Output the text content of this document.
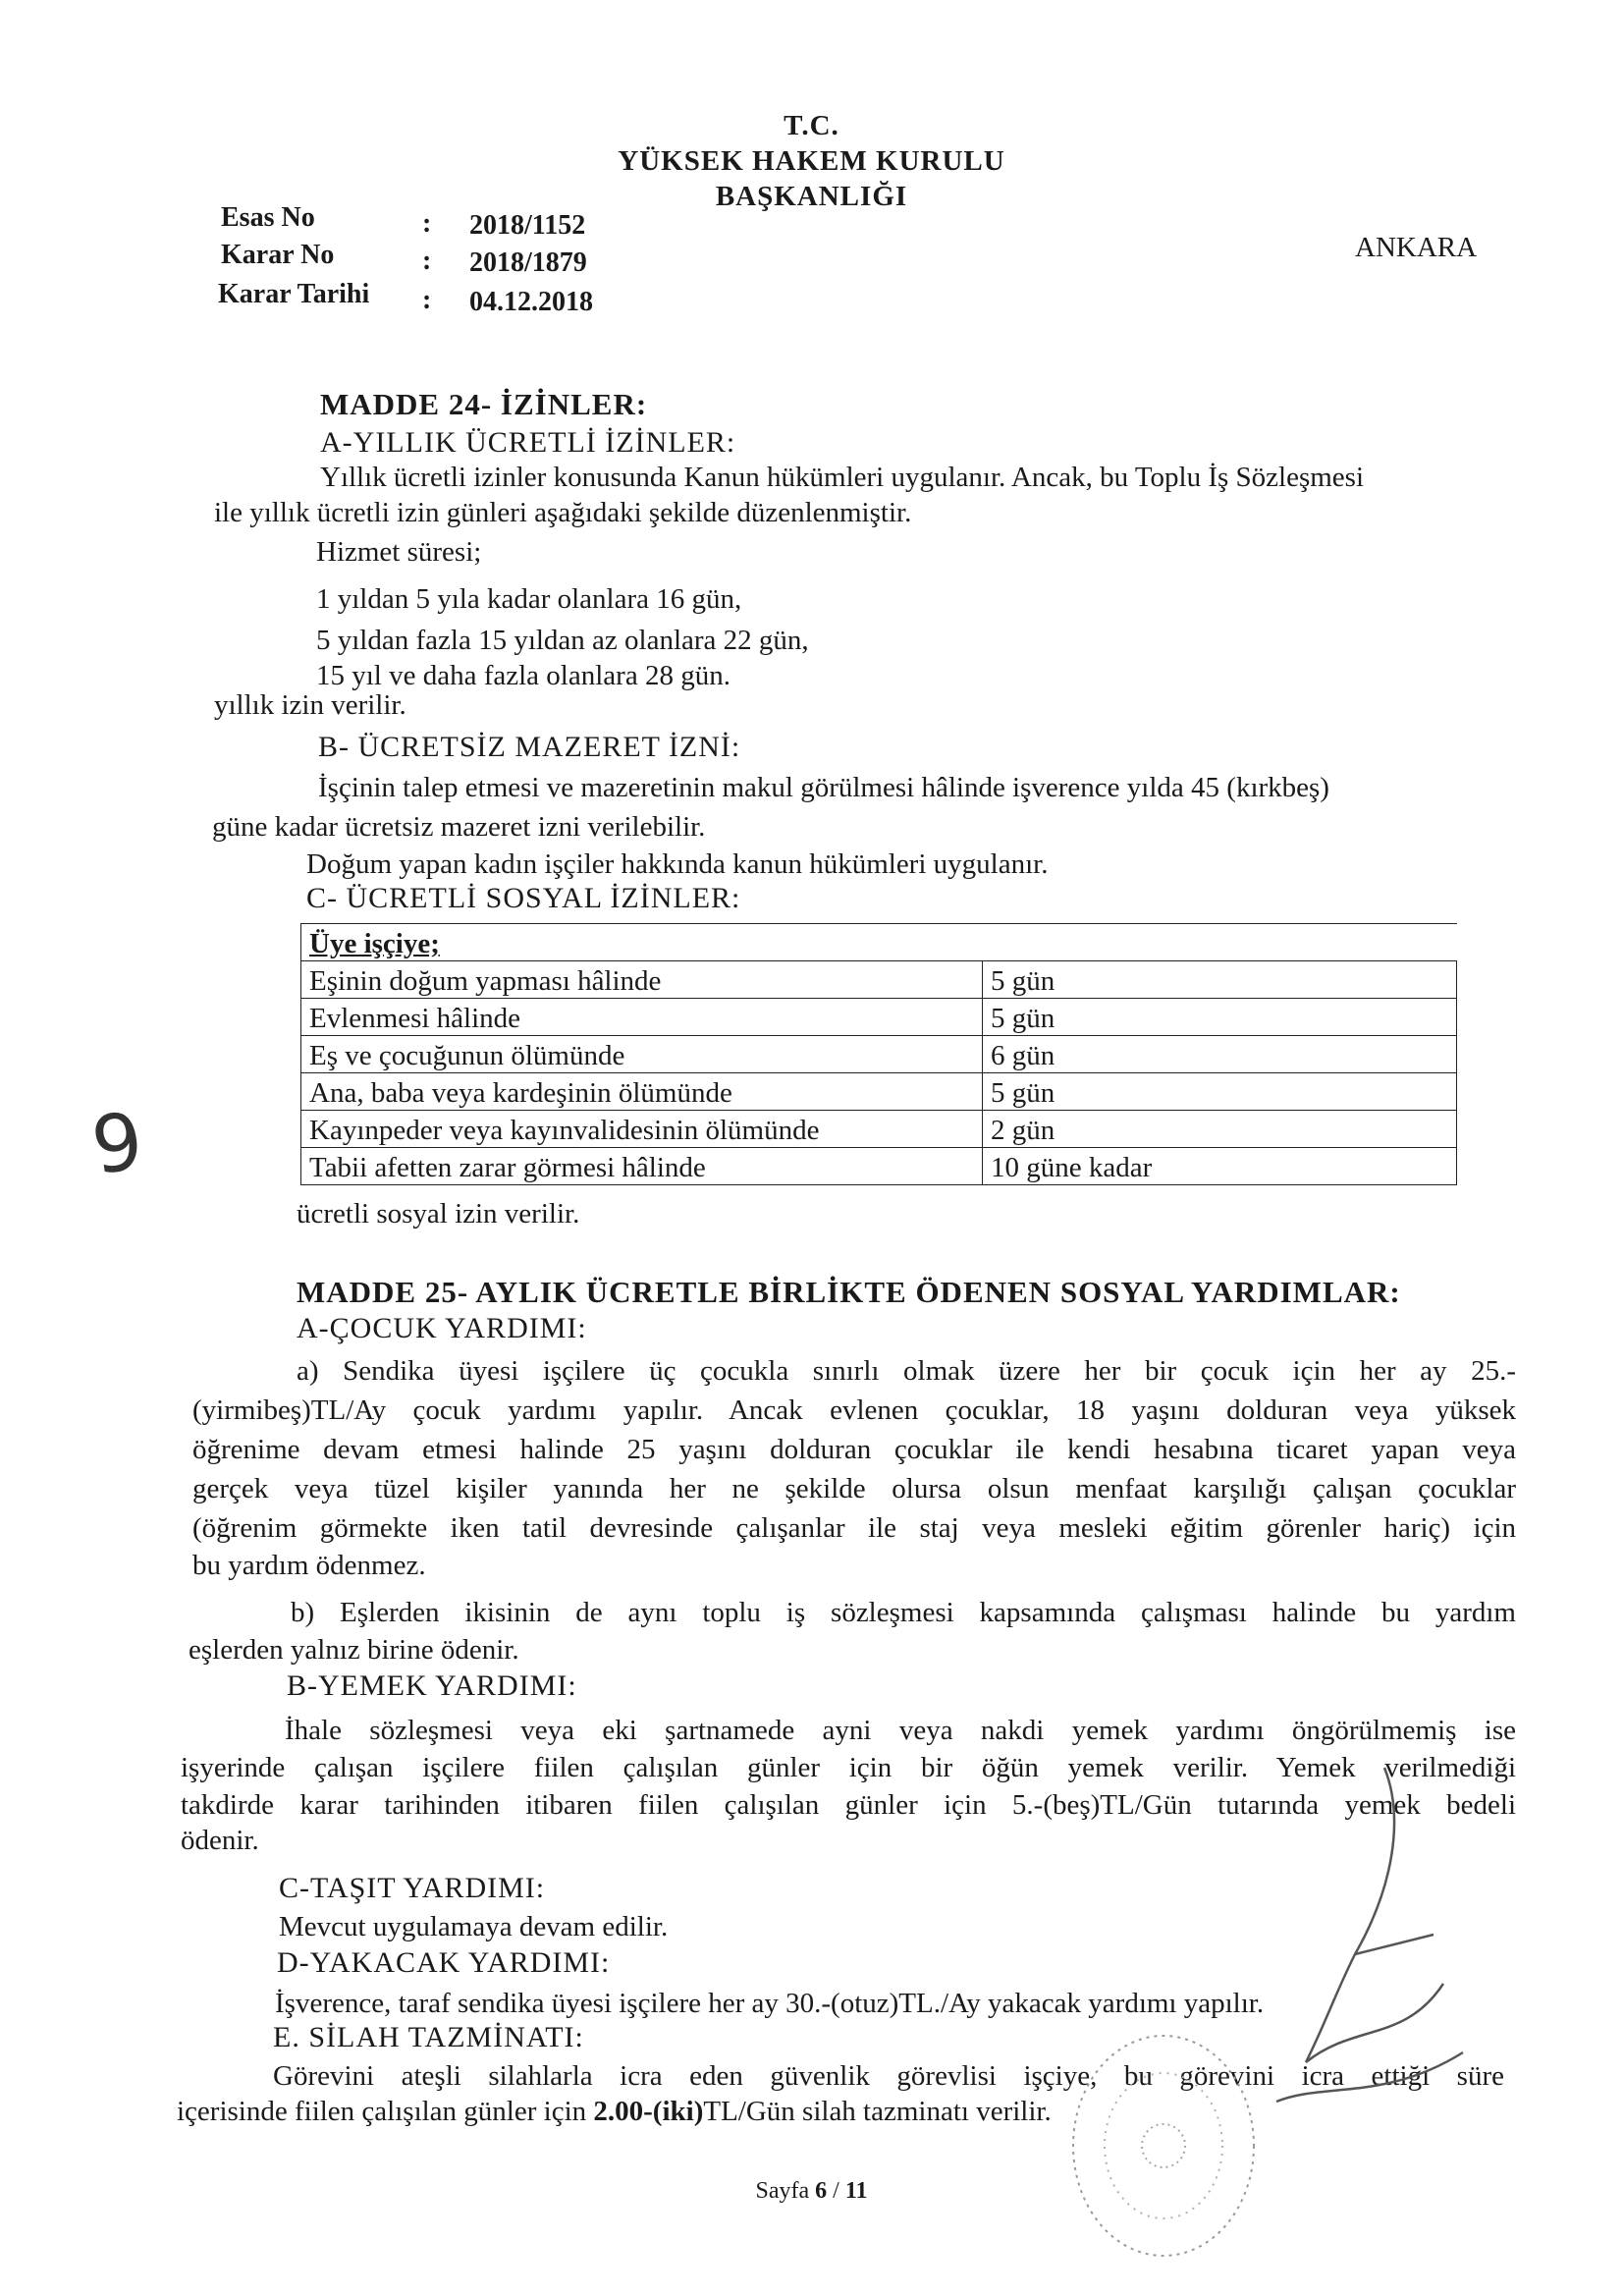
T.C.
YÜKSEK HAKEM KURULU
BAŞKANLIĞI
ANKARA
Esas No	: 2018/1152
Karar No	: 2018/1879
Karar Tarihi : 04.12.2018
MADDE 24- İZİNLER:
A-YILLIK ÜCRETLİ İZİNLER:
Yıllık ücretli izinler konusunda Kanun hükümleri uygulanır. Ancak, bu Toplu İş Sözleşmesi
ile yıllık ücretli izin günleri aşağıdaki şekilde düzenlenmiştir.
Hizmet süresi;
1 yıldan 5 yıla kadar olanlara 16 gün,
5 yıldan fazla 15 yıldan az olanlara 22 gün,
15 yıl ve daha fazla olanlara 28 gün.
yıllık izin verilir.
B- ÜCRETSİZ MAZERET İZNİ:
İşçinin talep etmesi ve mazeretinin makul görülmesi hâlinde işverence yılda 45 (kırkbeş)
güne kadar ücretsiz mazeret izni verilebilir.
Doğum yapan kadın işçiler hakkında kanun hükümleri uygulanır.
C- ÜCRETLİ SOSYAL İZİNLER:
Üye işçiye;	
Eşinin doğum yapması hâlinde	5 gün
Evlenmesi hâlinde	5 gün
Eş ve çocuğunun ölümünde	6 gün
Ana, baba veya kardeşinin ölümünde	5 gün
Kayınpeder veya kayınvalidesinin ölümünde	2 gün
Tabii afetten zarar görmesi hâlinde	10 güne kadar
ücretli sosyal izin verilir.
9
MADDE 25- AYLIK ÜCRETLE BİRLİKTE ÖDENEN SOSYAL YARDIMLAR:
A-ÇOCUK YARDIMI:
a) Sendika üyesi işçilere üç çocukla sınırlı olmak üzere her bir çocuk için her ay 25.-
(yirmibeş)TL/Ay çocuk yardımı yapılır. Ancak evlenen çocuklar, 18 yaşını dolduran veya yüksek
öğrenime devam etmesi halinde 25 yaşını dolduran çocuklar ile kendi hesabına ticaret yapan veya
gerçek veya tüzel kişiler yanında her ne şekilde olursa olsun menfaat karşılığı çalışan çocuklar
(öğrenim görmekte iken tatil devresinde çalışanlar ile staj veya mesleki eğitim görenler hariç) için
bu yardım ödenmez.
b) Eşlerden ikisinin de aynı toplu iş sözleşmesi kapsamında çalışması halinde bu yardım
eşlerden yalnız birine ödenir.
B-YEMEK YARDIMI:
İhale sözleşmesi veya eki şartnamede ayni veya nakdi yemek yardımı öngörülmemiş ise
işyerinde çalışan işçilere fiilen çalışılan günler için bir öğün yemek verilir. Yemek verilmediği
takdirde karar tarihinden itibaren fiilen çalışılan günler için 5.-(beş)TL/Gün tutarında yemek bedeli
ödenir.
C-TAŞIT YARDIMI:
Mevcut uygulamaya devam edilir.
D-YAKACAK YARDIMI:
İşverence, taraf sendika üyesi işçilere her ay 30.-(otuz)TL./Ay yakacak yardımı yapılır.
E. SİLAH TAZMİNATI:
Görevini ateşli silahlarla icra eden güvenlik görevlisi işçiye, bu görevini icra ettiği süre
içerisinde fiilen çalışılan günler için 2.00-(iki)TL/Gün silah tazminatı verilir.
Sayfa 6 / 11
